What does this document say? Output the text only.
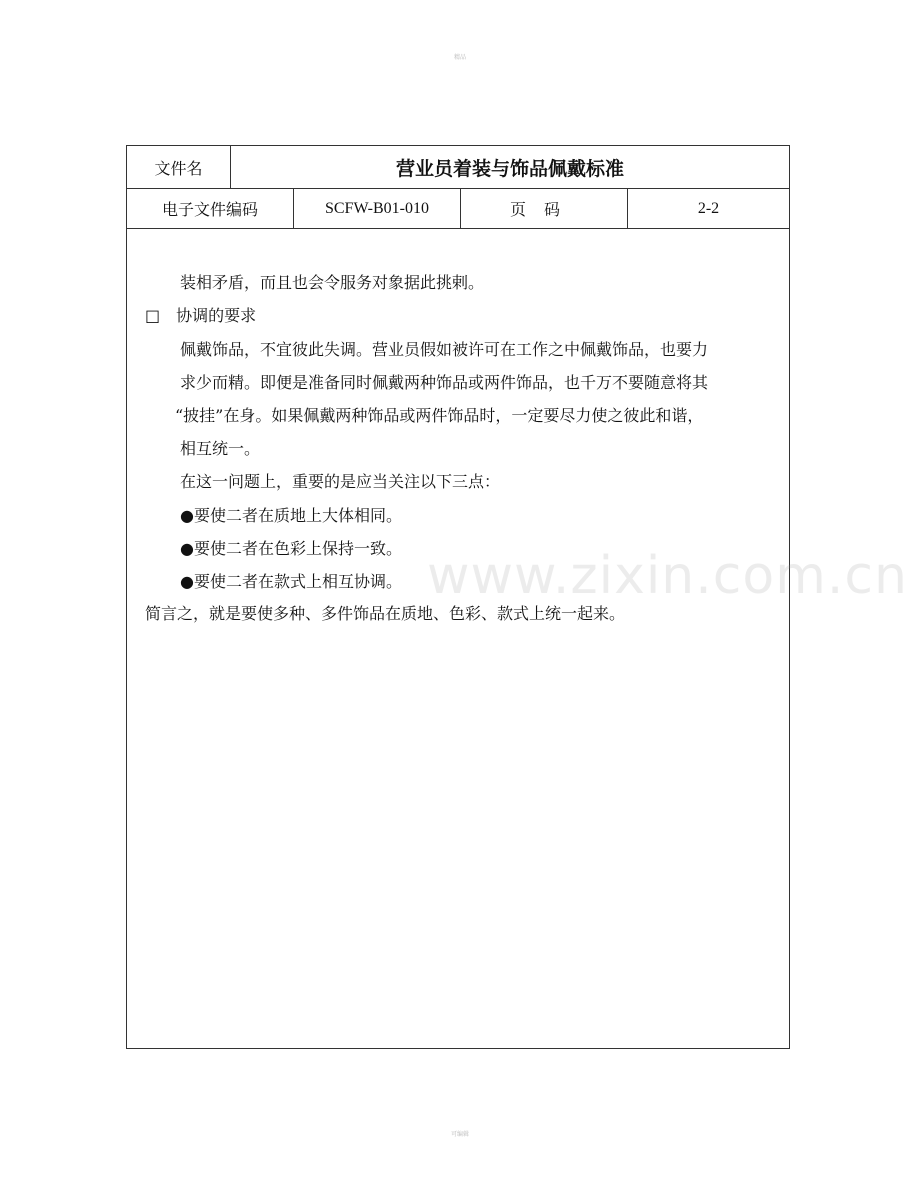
精品
文件名	营业员着装与饰品佩戴标准
电子文件编码	SCFW-B01-010	页码	2-2
www.zixin.com.cn
装相矛盾，而且也会令服务对象据此挑剌。
□　协调的要求
佩戴饰品，不宜彼此失调。营业员假如被许可在工作之中佩戴饰品，也要力
求少而精。即便是准备同时佩戴两种饰品或两件饰品，也千万不要随意将其
“披挂”在身。如果佩戴两种饰品或两件饰品时，一定要尽力使之彼此和谐，
相互统一。
在这一问题上，重要的是应当关注以下三点：
●要使二者在质地上大体相同。
●要使二者在色彩上保持一致。
●要使二者在款式上相互协调。
简言之，就是要使多种、多件饰品在质地、色彩、款式上统一起来。
可编辑
